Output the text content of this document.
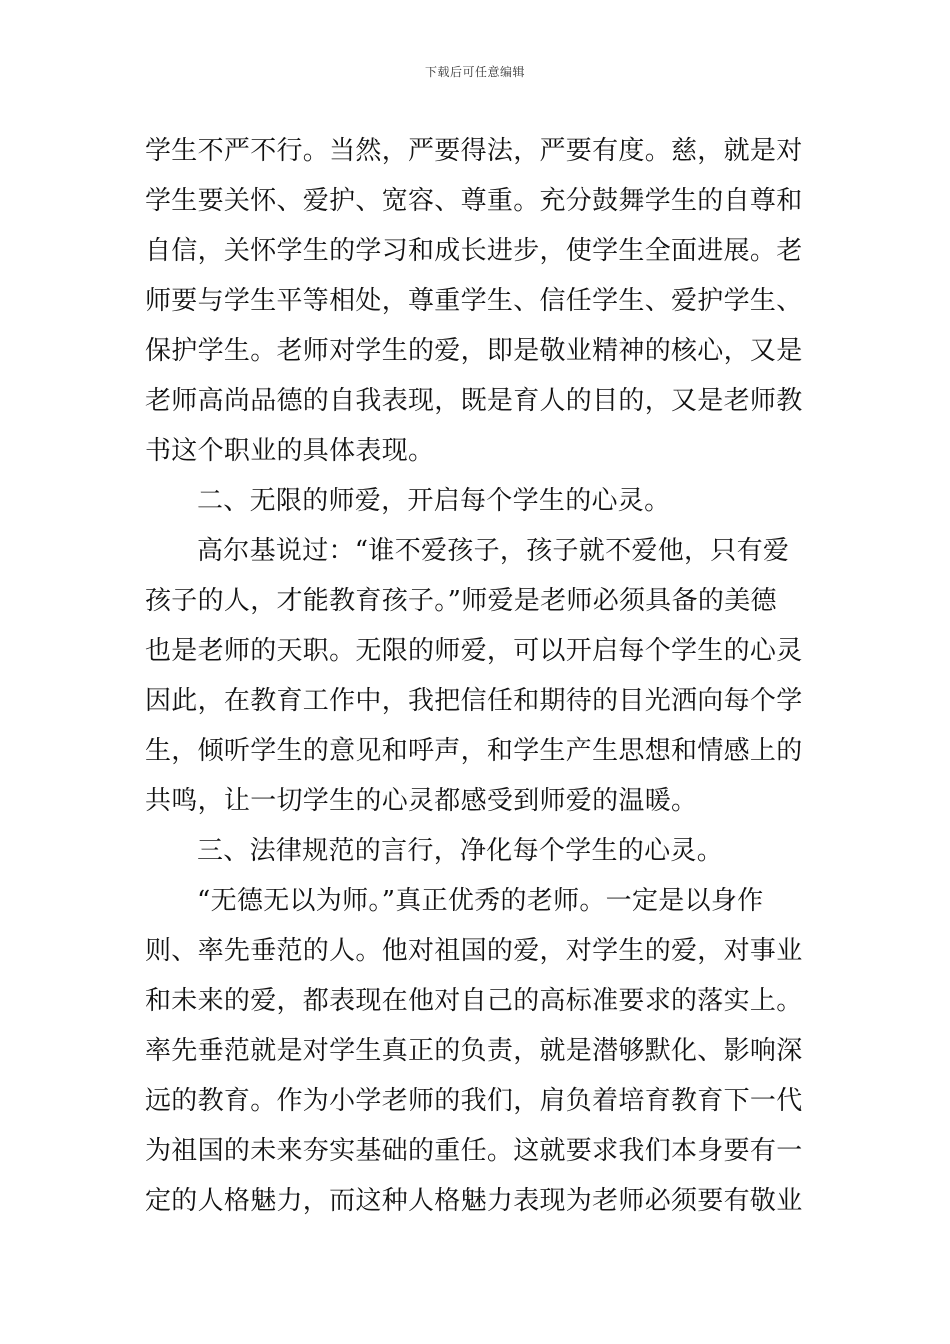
下载后可任意编辑
学生不严不行。当然，严要得法，严要有度。慈，就是对
学生要关怀、爱护、宽容、尊重。充分鼓舞学生的自尊和
自信，关怀学生的学习和成长进步，使学生全面进展。老
师要与学生平等相处，尊重学生、信任学生、爱护学生、
保护学生。老师对学生的爱，即是敬业精神的核心，又是
老师高尚品德的自我表现，既是育人的目的，又是老师教
书这个职业的具体表现。
二、无限的师爱，开启每个学生的心灵。
高尔基说过：“谁不爱孩子，孩子就不爱他，只有爱
孩子的人，才能教育孩子。”师爱是老师必须具备的美德
也是老师的天职。无限的师爱，可以开启每个学生的心灵
因此，在教育工作中，我把信任和期待的目光洒向每个学
生，倾听学生的意见和呼声，和学生产生思想和情感上的
共鸣，让一切学生的心灵都感受到师爱的温暖。
三、法律规范的言行，净化每个学生的心灵。
“无德无以为师。”真正优秀的老师。一定是以身作
则、率先垂范的人。他对祖国的爱，对学生的爱，对事业
和未来的爱，都表现在他对自己的高标准要求的落实上。
率先垂范就是对学生真正的负责，就是潜够默化、影响深
远的教育。作为小学老师的我们，肩负着培育教育下一代
为祖国的未来夯实基础的重任。这就要求我们本身要有一
定的人格魅力，而这种人格魅力表现为老师必须要有敬业
